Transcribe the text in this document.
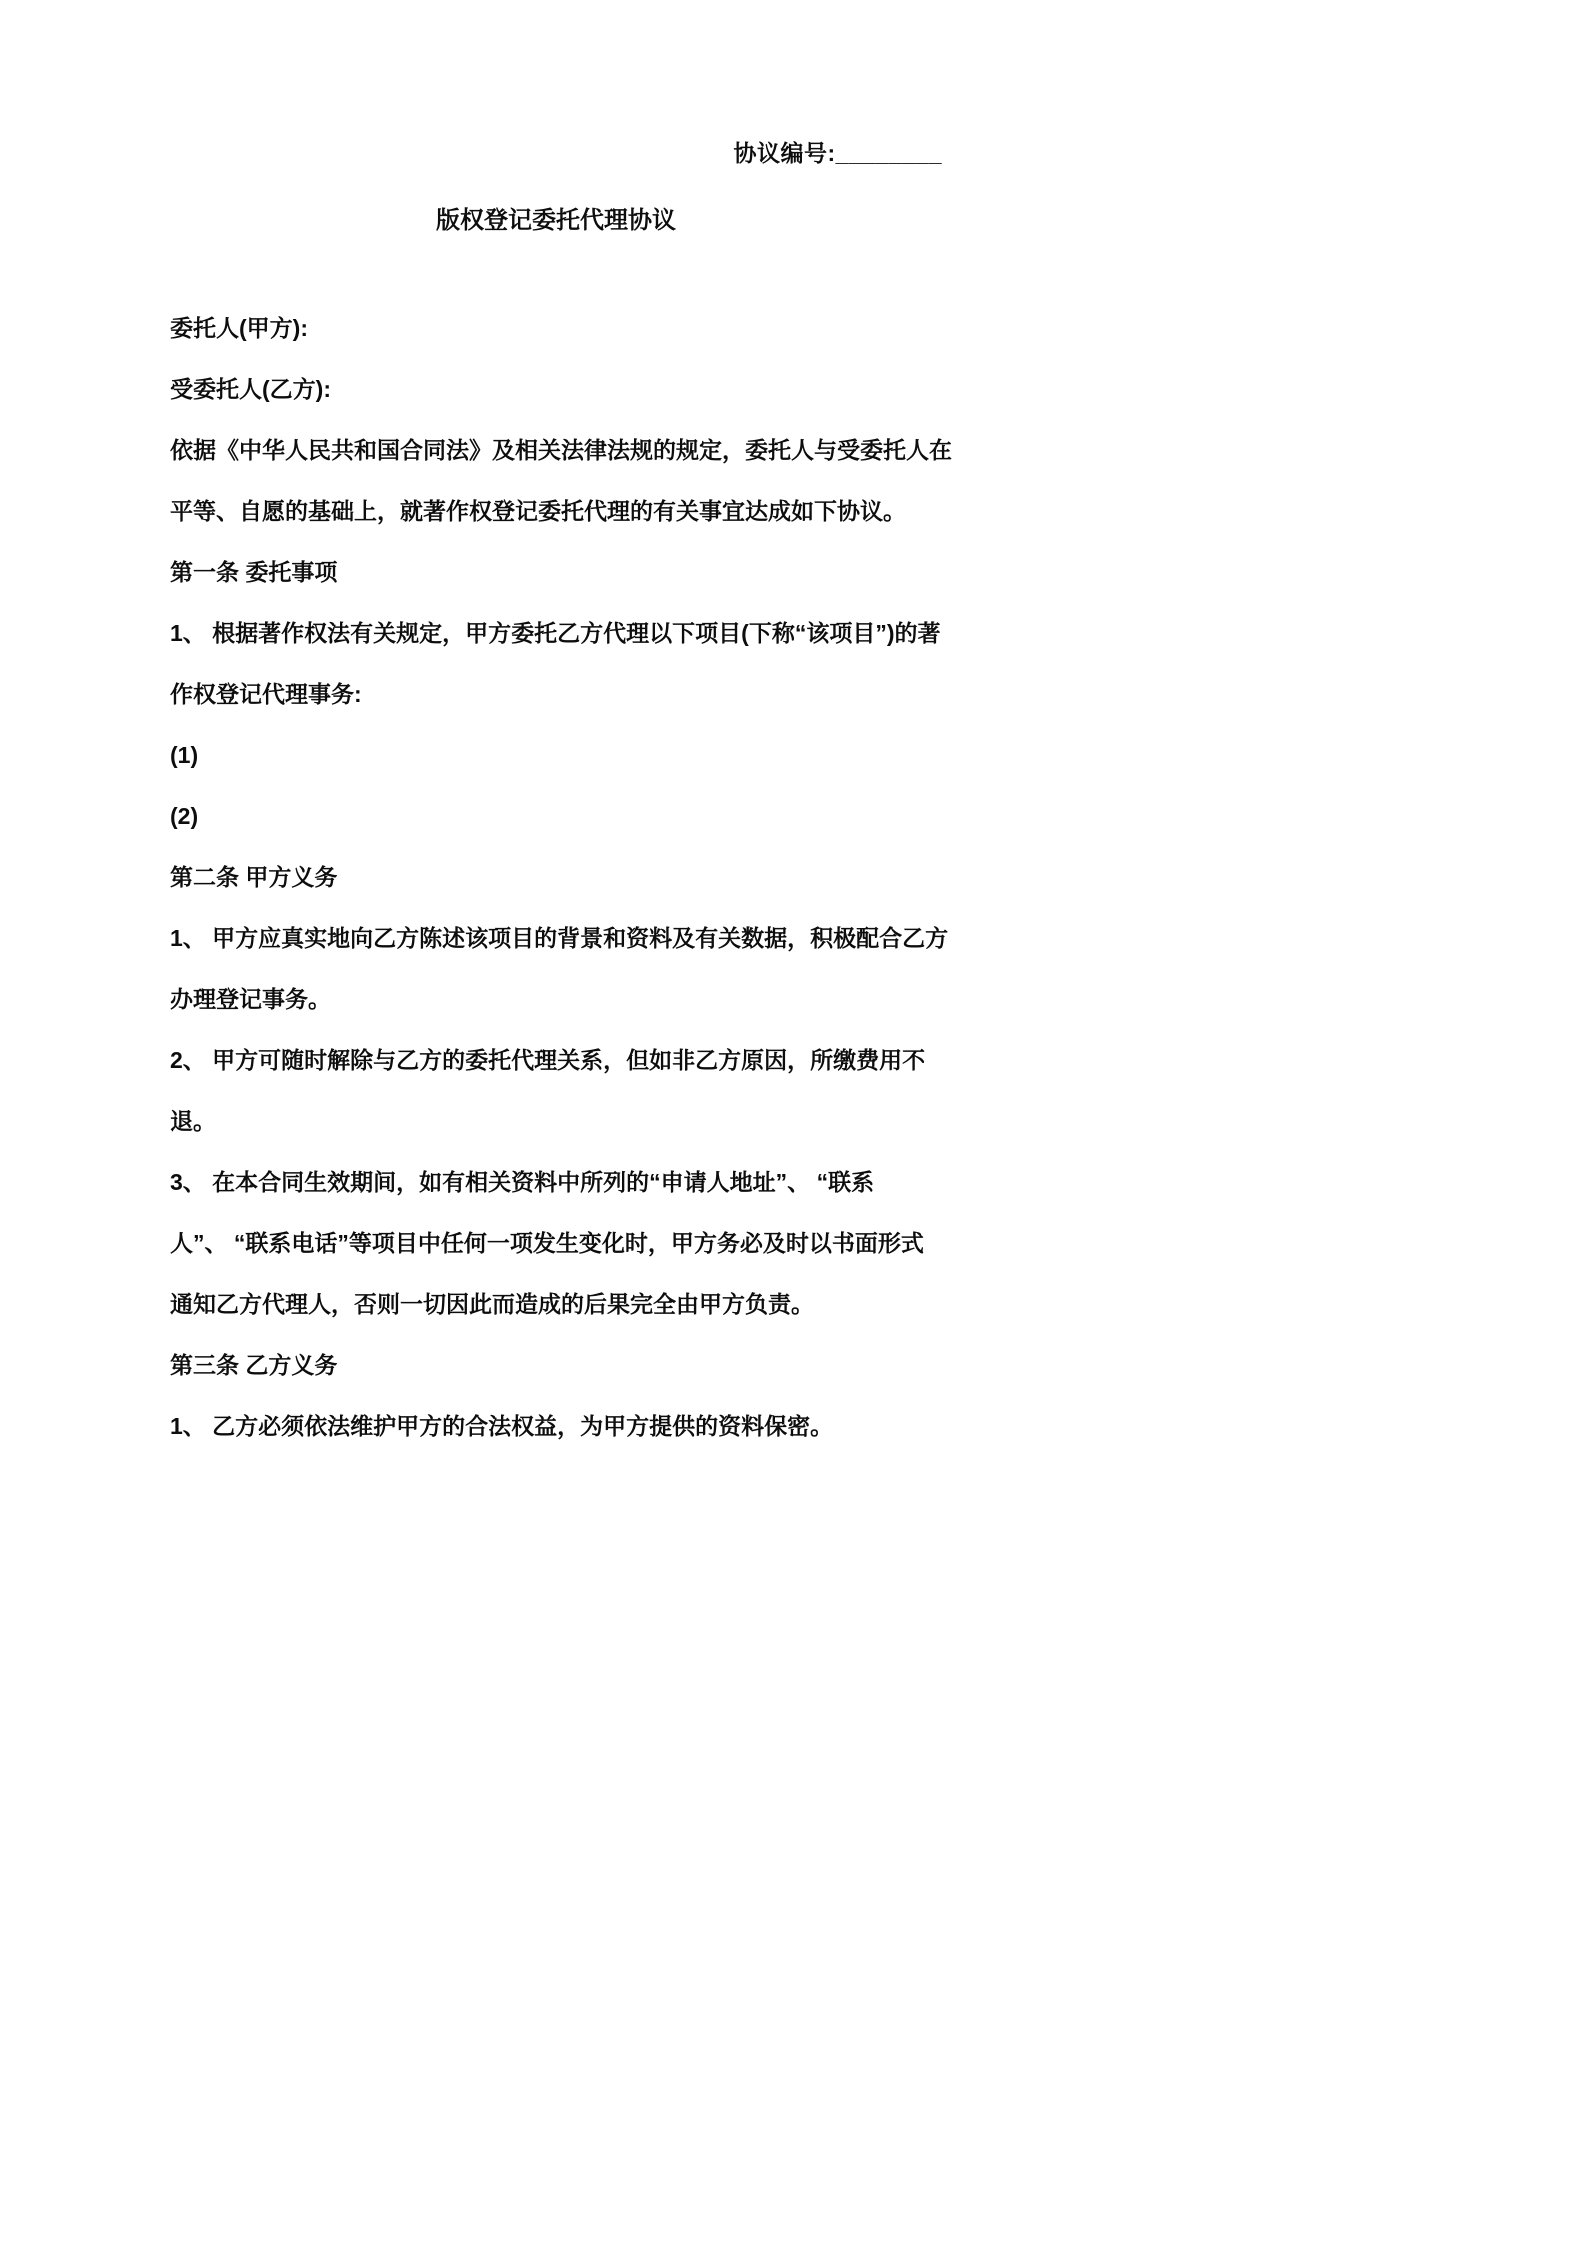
协议编号:________
版权登记委托代理协议
委托人(甲方):
受委托人(乙方):
依据《中华人民共和国合同法》及相关法律法规的规定，委托人与受委托人在
平等、自愿的基础上，就著作权登记委托代理的有关事宜达成如下协议。
第一条 委托事项
1、 根据著作权法有关规定，甲方委托乙方代理以下项目(下称“该项目”)的著
作权登记代理事务:
(1)
(2)
第二条 甲方义务
1、 甲方应真实地向乙方陈述该项目的背景和资料及有关数据，积极配合乙方
办理登记事务。
2、 甲方可随时解除与乙方的委托代理关系，但如非乙方原因，所缴费用不
退。
3、 在本合同生效期间，如有相关资料中所列的“申请人地址”、 “联系
人”、 “联系电话”等项目中任何一项发生变化时，甲方务必及时以书面形式
通知乙方代理人，否则一切因此而造成的后果完全由甲方负责。
第三条 乙方义务
1、 乙方必须依法维护甲方的合法权益，为甲方提供的资料保密。
